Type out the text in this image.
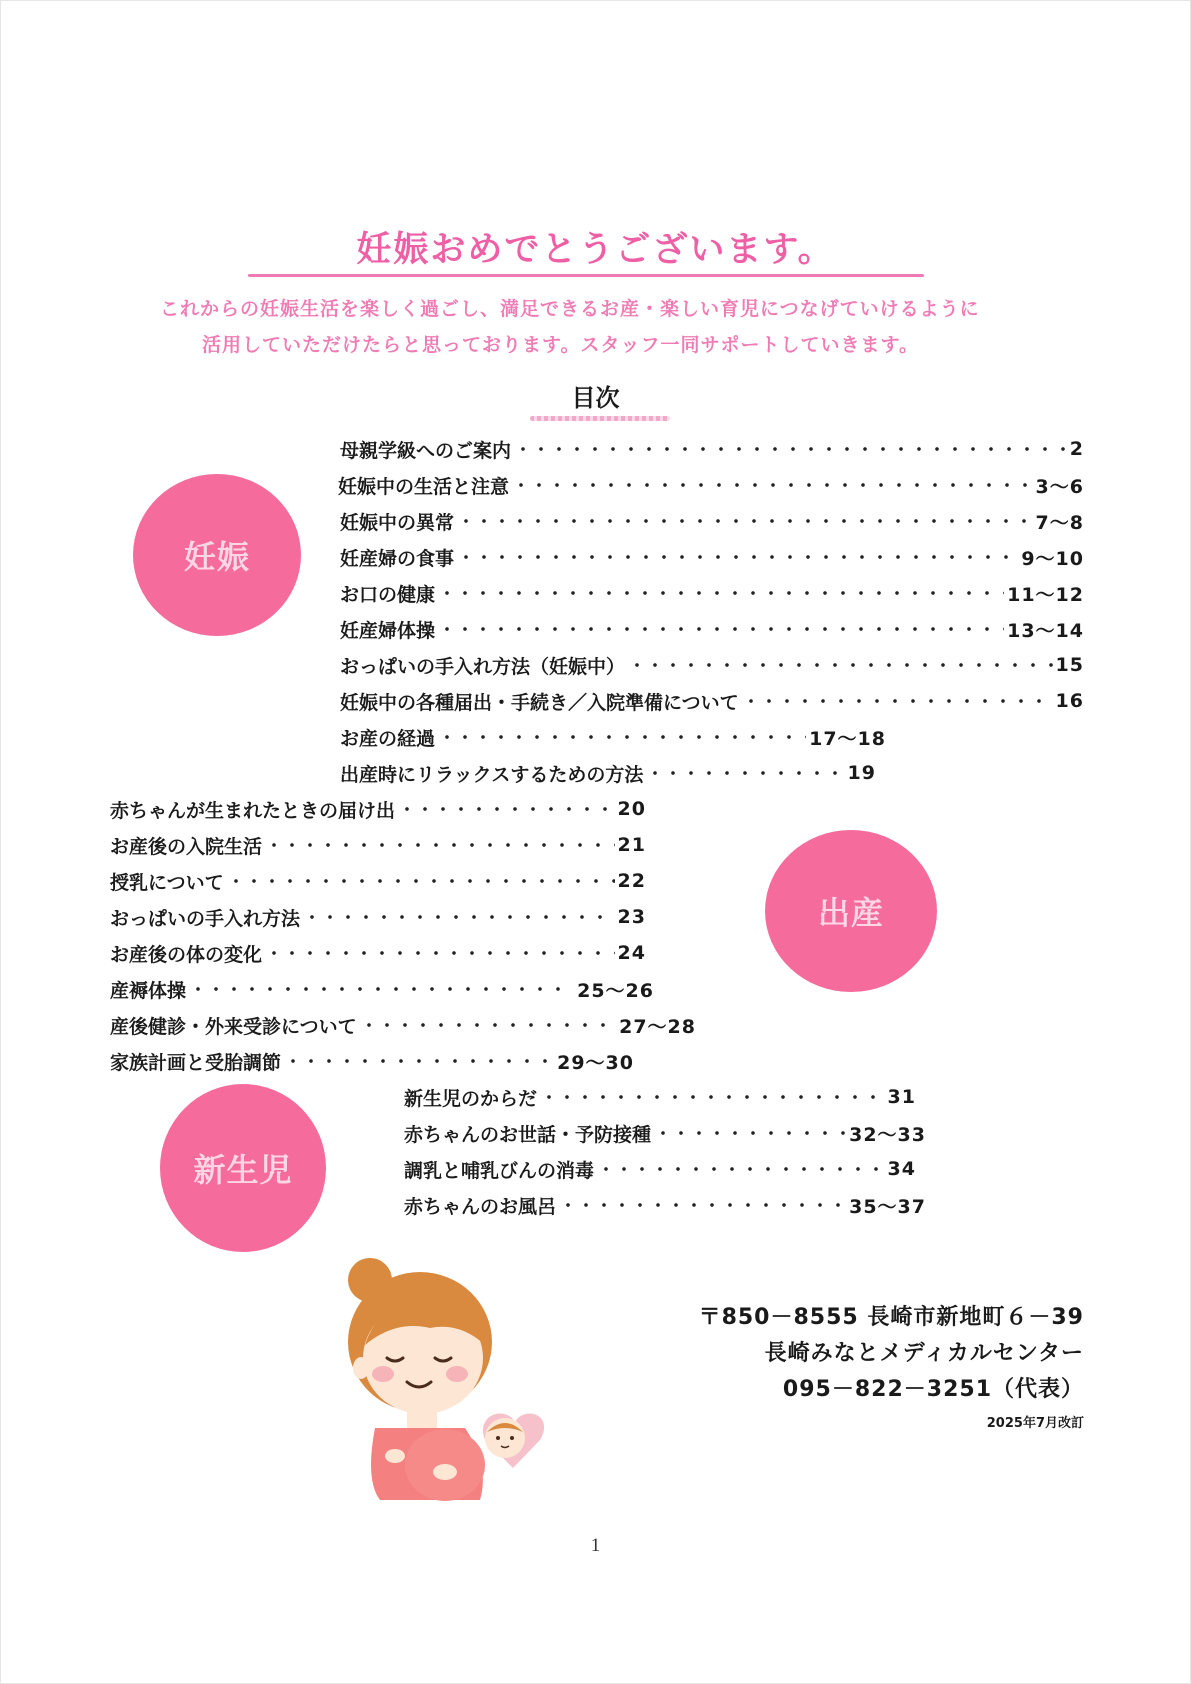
妊娠おめでとうございます。
これからの妊娠生活を楽しく過ごし、満足できるお産・楽しい育児につなげていけるように
活用していただけたらと思っております。スタッフ一同サポートしていきます。
目次
妊娠
出産
新生児
母親学級へのご案内	2
妊娠中の生活と注意	3～6
妊娠中の異常	7～8
妊産婦の食事	9～10
お口の健康	11～12
妊産婦体操	13～14
おっぱいの手入れ方法（妊娠中）	15
妊娠中の各種届出・手続き／入院準備について	16
お産の経過	17～18
出産時にリラックスするための方法	19
赤ちゃんが生まれたときの届け出	20
お産後の入院生活	21
授乳について	22
おっぱいの手入れ方法	23
お産後の体の変化	24
産褥体操	25～26
産後健診・外来受診について	27～28
家族計画と受胎調節	29～30
新生児のからだ	31
赤ちゃんのお世話・予防接種	32～33
調乳と哺乳びんの消毒	34
赤ちゃんのお風呂	35～37
〒850－8555 長崎市新地町６－39
長崎みなとメディカルセンター
095－822－3251（代表）
2025年7月改訂
1
